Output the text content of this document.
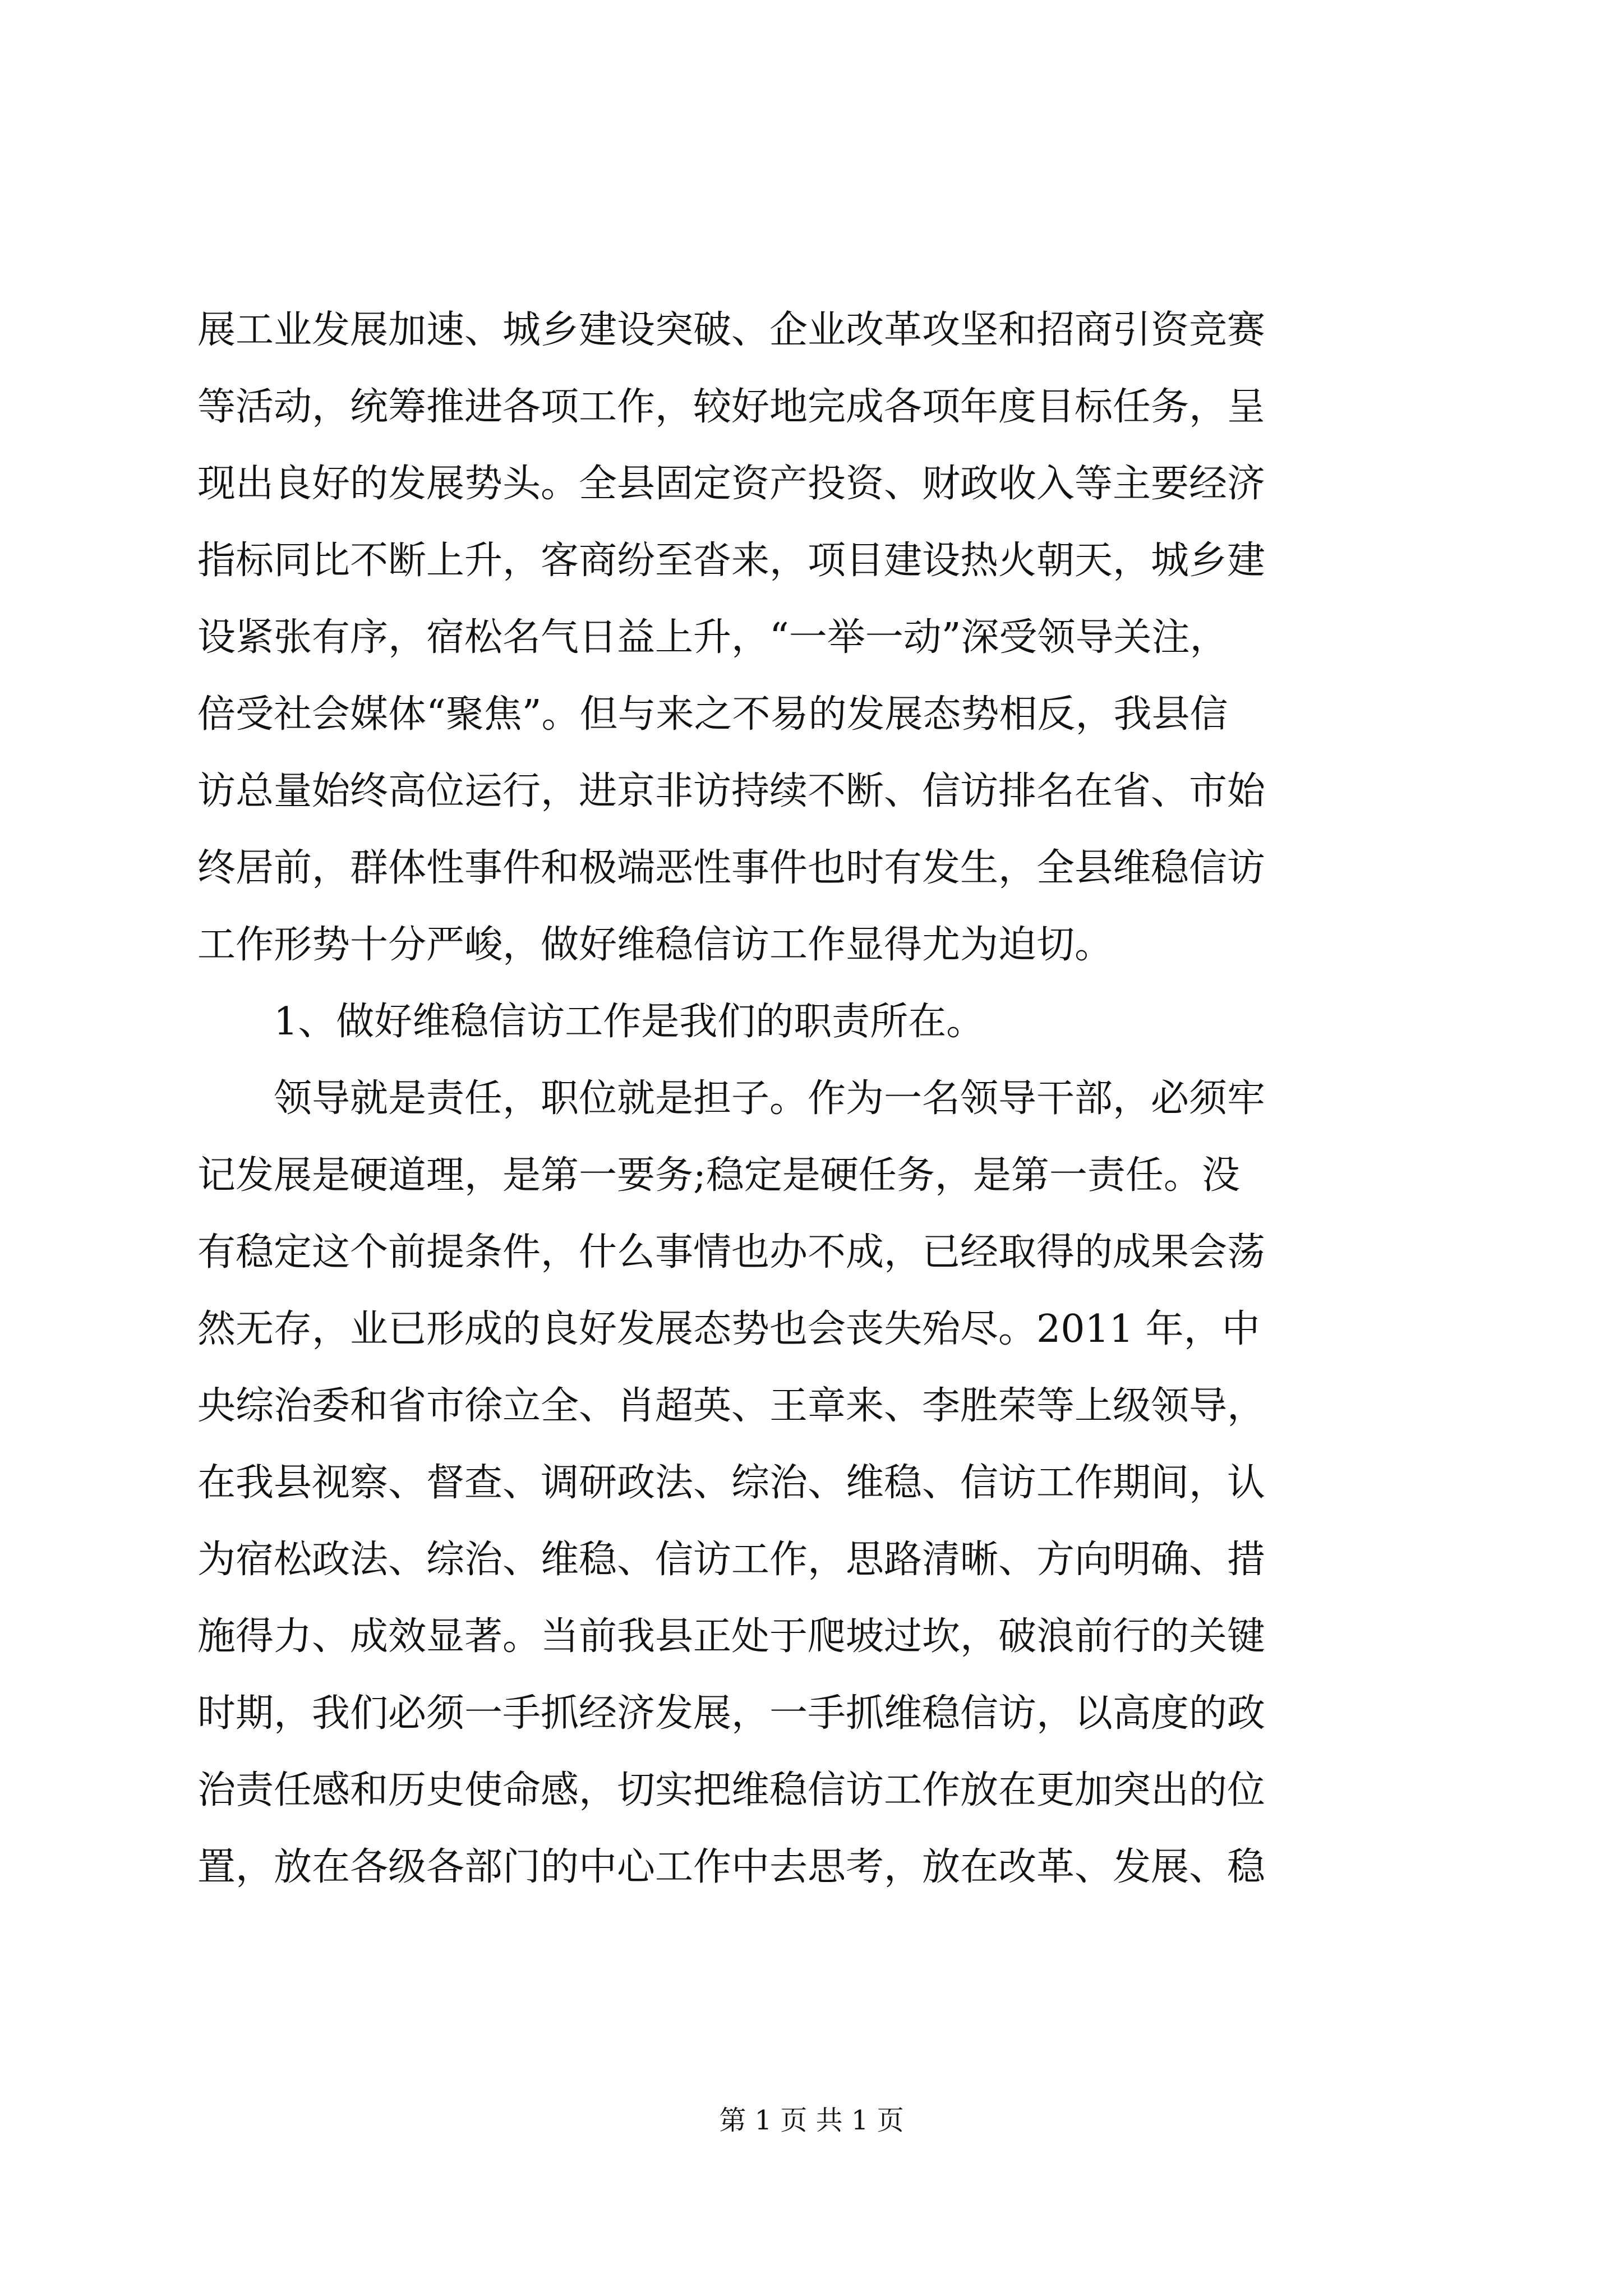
展工业发展加速、城乡建设突破、企业改革攻坚和招商引资竞赛
等活动，统筹推进各项工作，较好地完成各项年度目标任务，呈
现出良好的发展势头。全县固定资产投资、财政收入等主要经济
指标同比不断上升，客商纷至沓来，项目建设热火朝天，城乡建
设紧张有序，宿松名气日益上升，“一举一动”深受领导关注，
倍受社会媒体“聚焦”。但与来之不易的发展态势相反，我县信
访总量始终高位运行，进京非访持续不断、信访排名在省、市始
终居前，群体性事件和极端恶性事件也时有发生，全县维稳信访
工作形势十分严峻，做好维稳信访工作显得尤为迫切。
　　1、做好维稳信访工作是我们的职责所在。
　　领导就是责任，职位就是担子。作为一名领导干部，必须牢
记发展是硬道理，是第一要务;稳定是硬任务，是第一责任。没
有稳定这个前提条件，什么事情也办不成，已经取得的成果会荡
然无存，业已形成的良好发展态势也会丧失殆尽。2011 年，中
央综治委和省市徐立全、肖超英、王章来、李胜荣等上级领导，
在我县视察、督查、调研政法、综治、维稳、信访工作期间，认
为宿松政法、综治、维稳、信访工作，思路清晰、方向明确、措
施得力、成效显著。当前我县正处于爬坡过坎，破浪前行的关键
时期，我们必须一手抓经济发展，一手抓维稳信访，以高度的政
治责任感和历史使命感，切实把维稳信访工作放在更加突出的位
置，放在各级各部门的中心工作中去思考，放在改革、发展、稳
第 1 页 共 1 页
